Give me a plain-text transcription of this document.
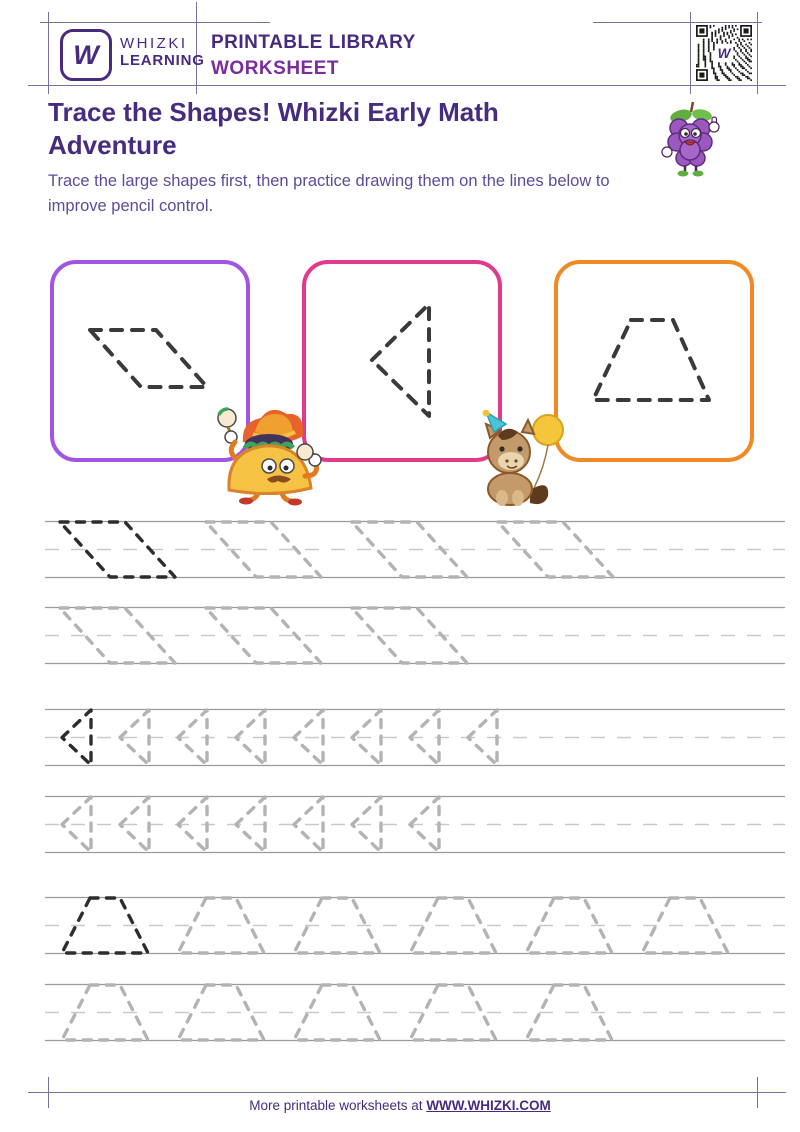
W WHIZKI
LEARNING
PRINTABLE LIBRARY
WORKSHEET
W
Trace the Shapes! Whizki Early Math Adventure

Trace the large shapes first, then practice drawing them on the lines below to improve pencil control.

More printable worksheets at WWW.WHIZKI.COM
